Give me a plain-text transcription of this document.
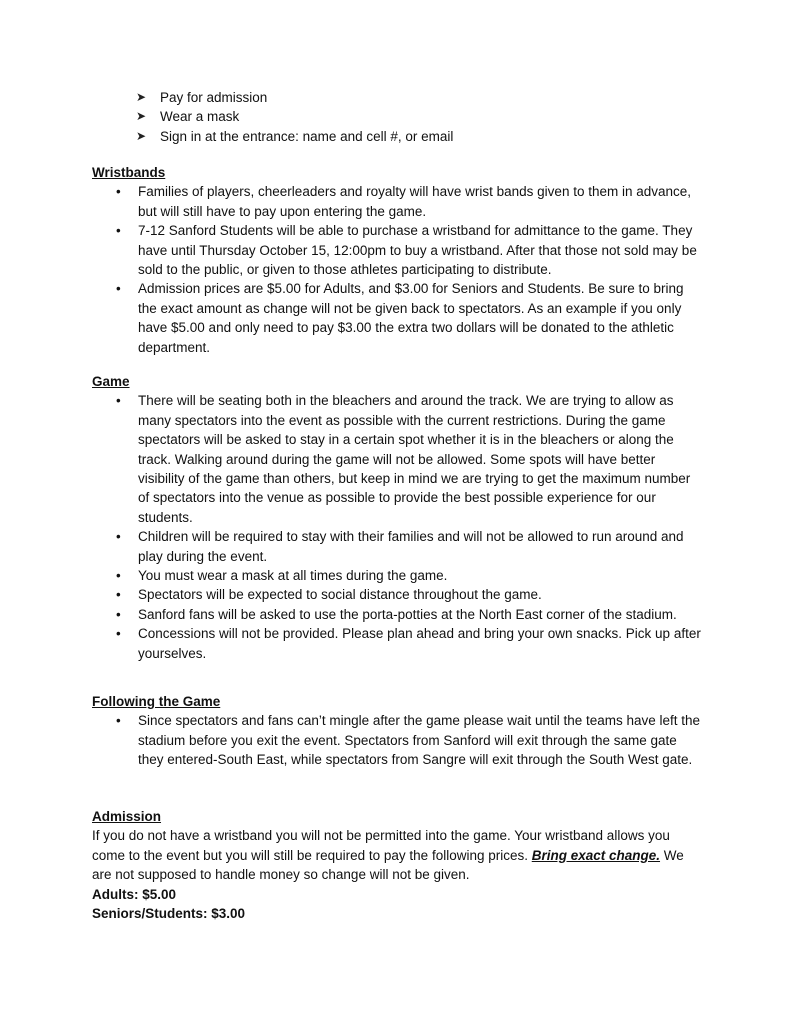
➤ Pay for admission
➤ Wear a mask
➤ Sign in at the entrance: name and cell #, or email

Wristbands

• Families of players, cheerleaders and royalty will have wrist bands given to them in advance, but will still have to pay upon entering the game.
• 7-12 Sanford Students will be able to purchase a wristband for admittance to the game. They have until Thursday October 15, 12:00pm to buy a wristband. After that those not sold may be sold to the public, or given to those athletes participating to distribute.
• Admission prices are $5.00 for Adults, and $3.00 for Seniors and Students. Be sure to bring the exact amount as change will not be given back to spectators. As an example if you only have $5.00 and only need to pay $3.00 the extra two dollars will be donated to the athletic department.

Game

• There will be seating both in the bleachers and around the track. We are trying to allow as many spectators into the event as possible with the current restrictions. During the game spectators will be asked to stay in a certain spot whether it is in the bleachers or along the track. Walking around during the game will not be allowed. Some spots will have better visibility of the game than others, but keep in mind we are trying to get the maximum number of spectators into the venue as possible to provide the best possible experience for our students.
• Children will be required to stay with their families and will not be allowed to run around and play during the event.
• You must wear a mask at all times during the game.
• Spectators will be expected to social distance throughout the game.
• Sanford fans will be asked to use the porta-potties at the North East corner of the stadium.
• Concessions will not be provided. Please plan ahead and bring your own snacks. Pick up after yourselves.

Following the Game

• Since spectators and fans can’t mingle after the game please wait until the teams have left the stadium before you exit the event. Spectators from Sanford will exit through the same gate they entered-South East, while spectators from Sangre will exit through the South West gate.

Admission

If you do not have a wristband you will not be permitted into the game. Your wristband allows you come to the event but you will still be required to pay the following prices. Bring exact change. We are not supposed to handle money so change will not be given.

Adults: $5.00

Seniors/Students: $3.00
